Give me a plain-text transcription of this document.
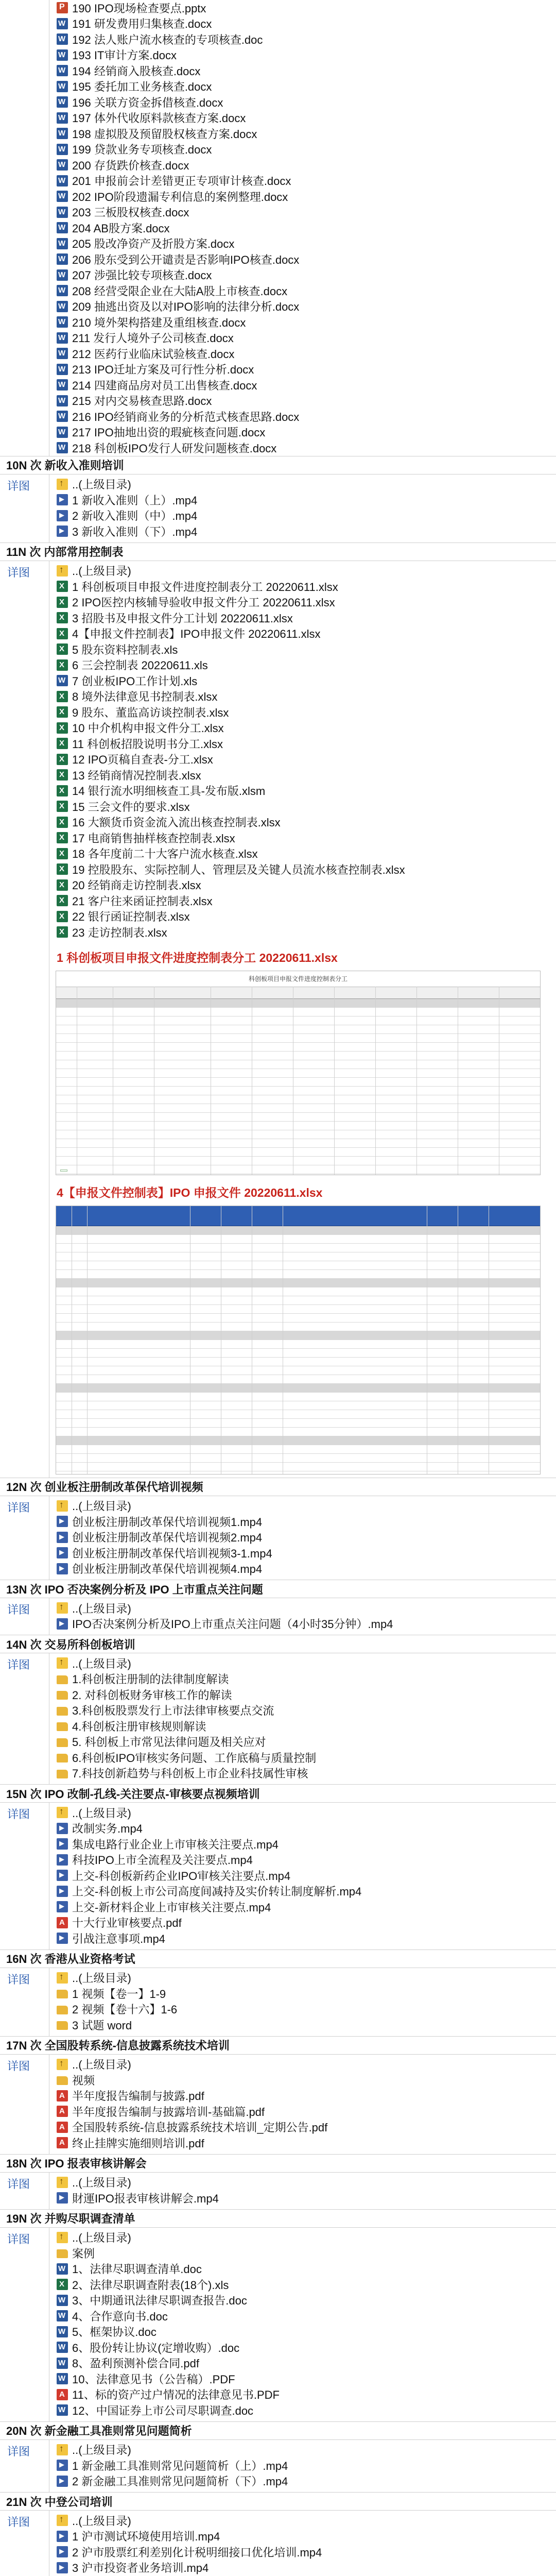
P
190 IPO现场检查要点.pptx
W
191 研发费用归集核查.docx
W
192 法人账户流水核查的专项核查.doc
W
193 IT审计方案.docx
W
194 经销商入股核查.docx
W
195 委托加工业务核查.docx
W
196 关联方资金拆借核查.docx
W
197 体外代收原料款核查方案.docx
W
198 虚拟股及预留股权核查方案.docx
W
199 贷款业务专项核查.docx
W
200 存货跌价核查.docx
W
201 申报前会计差错更正专项审计核查.docx
W
202 IPO阶段遗漏专利信息的案例整理.docx
W
203 三板股权核查.docx
W
204 AB股方案.docx
W
205 股改净资产及折股方案.docx
W
206 股东受到公开谴责是否影响IPO核查.docx
W
207 涉强比较专项核查.docx
W
208 经营受限企业在大陆A股上市核查.docx
W
209 抽逃出资及以对IPO影响的法律分析.docx
W
210 境外架构搭建及重组核查.docx
W
211 发行人境外子公司核查.docx
W
212 医药行业临床试验核查.docx
W
213 IPO迁址方案及可行性分析.docx
W
214 四建商品房对员工出售核查.docx
W
215 对内交易核查思路.docx
W
216 IPO经销商业务的分析范式核查思路.docx
W
217 IPO抽地出资的瑕疵核查问题.docx
W
218 科创板IPO发行人研发问题核查.docx
10N 次 新收入准则培训
详图 ↑	..(上级目录)
▶
1 新收入准则（上）.mp4
▶
2 新收入准则（中）.mp4
▶
3 新收入准则（下）.mp4
11N 次 内部常用控制表
详图 ↑	..(上级目录)
X
1 科创板项目申报文件进度控制表分工 20220611.xlsx
X
2 IPO医控内核辅导验收申报文件分工 20220611.xlsx
X
3 招股书及申报文件分工计划 20220611.xlsx
X
4【申报文件控制表】IPO申报文件 20220611.xlsx
X
5 股东资料控制表.xls
X
6 三会控制表 20220611.xls
W
7 创业板IPO工作计划.xls
X
8 境外法律意见书控制表.xlsx
X
9 股东、董监高访谈控制表.xlsx
X
10 中介机构申报文件分工.xlsx
X
11 科创板招股说明书分工.xlsx
X
12 IPO页稿自查表-分工.xlsx
X
13 经销商情况控制表.xlsx
X
14 银行流水明细核查工具-发布版.xlsm
X
15 三会文件的要求.xlsx
X
16 大额货币资金流入流出核查控制表.xlsx
X
17 电商销售抽样核查控制表.xlsx
X
18 各年度前二十大客户流水核查.xlsx
X
19 控股股东、实际控制人、管理层及关键人员流水核查控制表.xlsx
X
20 经销商走访控制表.xlsx
X
21 客户往来函证控制表.xlsx
X
22 银行函证控制表.xlsx
X
23 走访控制表.xlsx
1 科创板项目申报文件进度控制表分工 20220611.xlsx
科创板项目申报文件进度控制表分工
4【申报文件控制表】IPO 申报文件 20220611.xlsx
12N 次 创业板注册制改革保代培训视频
详图 ↑	..(上级目录)
▶
创业板注册制改革保代培训视频1.mp4
▶
创业板注册制改革保代培训视频2.mp4
▶
创业板注册制改革保代培训视频3-1.mp4
▶
创业板注册制改革保代培训视频4.mp4
13N 次 IPO 否决案例分析及 IPO 上市重点关注问题
详图 ↑	..(上级目录)
▶
IPO否决案例分析及IPO上市重点关注问题（4小时35分钟）.mp4
14N 次 交易所科创板培训
详图 ↑	..(上级目录)
1.科创板注册制的法律制度解读
2. 对科创板财务审核工作的解读
3.科创板股票发行上市法律审核要点交流
4.科创板注册审核规则解读
5. 科创板上市常见法律问题及相关应对
6.科创板IPO审核实务问题、工作底稿与质量控制
7.科技创新趋势与科创板上市企业科技属性审核
15N 次 IPO 改制-孔线-关注要点-审核要点视频培训
详图 ↑	..(上级目录)
▶
改制实务.mp4
▶
集成电路行业企业上市审核关注要点.mp4
▶
科技IPO上市全流程及关注要点.mp4
▶
上交-科创板新药企业IPO审核关注要点.mp4
▶
上交-科创板上市公司高度间减持及实价转让制度解析.mp4
▶
上交-新材料企业上市审核关注要点.mp4
A
十大行业审核要点.pdf
▶
引战注意事项.mp4
16N 次 香港从业资格考试
详图 ↑	..(上级目录)
1 视频【卷一】1-9
2 视频【卷十六】1-6
3 试题 word
17N 次 全国股转系统-信息披露系统技术培训
详图 ↑	..(上级目录)
视频
A
半年度报告编制与披露.pdf
A
半年度报告编制与披露培训-基础篇.pdf
A
全国股转系统-信息披露系统技术培训_定期公告.pdf
A
终止挂牌实施细则培训.pdf
18N 次 IPO 报表审核讲解会
详图 ↑	..(上级目录)
▶
財運IPO报表审核讲解会.mp4
19N 次 并购尽职调查清单
详图 ↑	..(上级目录)
案例
W
1、法律尽职调查清单.doc
X
2、法律尽职调查附表(18个).xls
W
3、中期通讯法律尽职调查报告.doc
W
4、合作意向书.doc
W
5、框架协议.doc
W
6、股份转让协议(定增收购）.doc
W
8、盈利预测补偿合同.pdf
W
10、法律意见书（公告稿）.PDF
A
11、标的资产过户情况的法律意见书.PDF
W
12、中国证券上市公司尽职调查.doc
20N 次 新金融工具准则常见问题简析
详图 ↑	..(上级目录)
▶
1 新金融工具准则常见问题简析（上）.mp4
▶
2 新金融工具准则常见问题简析（下）.mp4
21N 次 中登公司培训
详图 ↑	..(上级目录)
▶
1 沪市测试环境使用培训.mp4
▶
2 沪市股票红利差别化计税明细接口优化培训.mp4
▶
3 沪市投资者业务培训.mp4
